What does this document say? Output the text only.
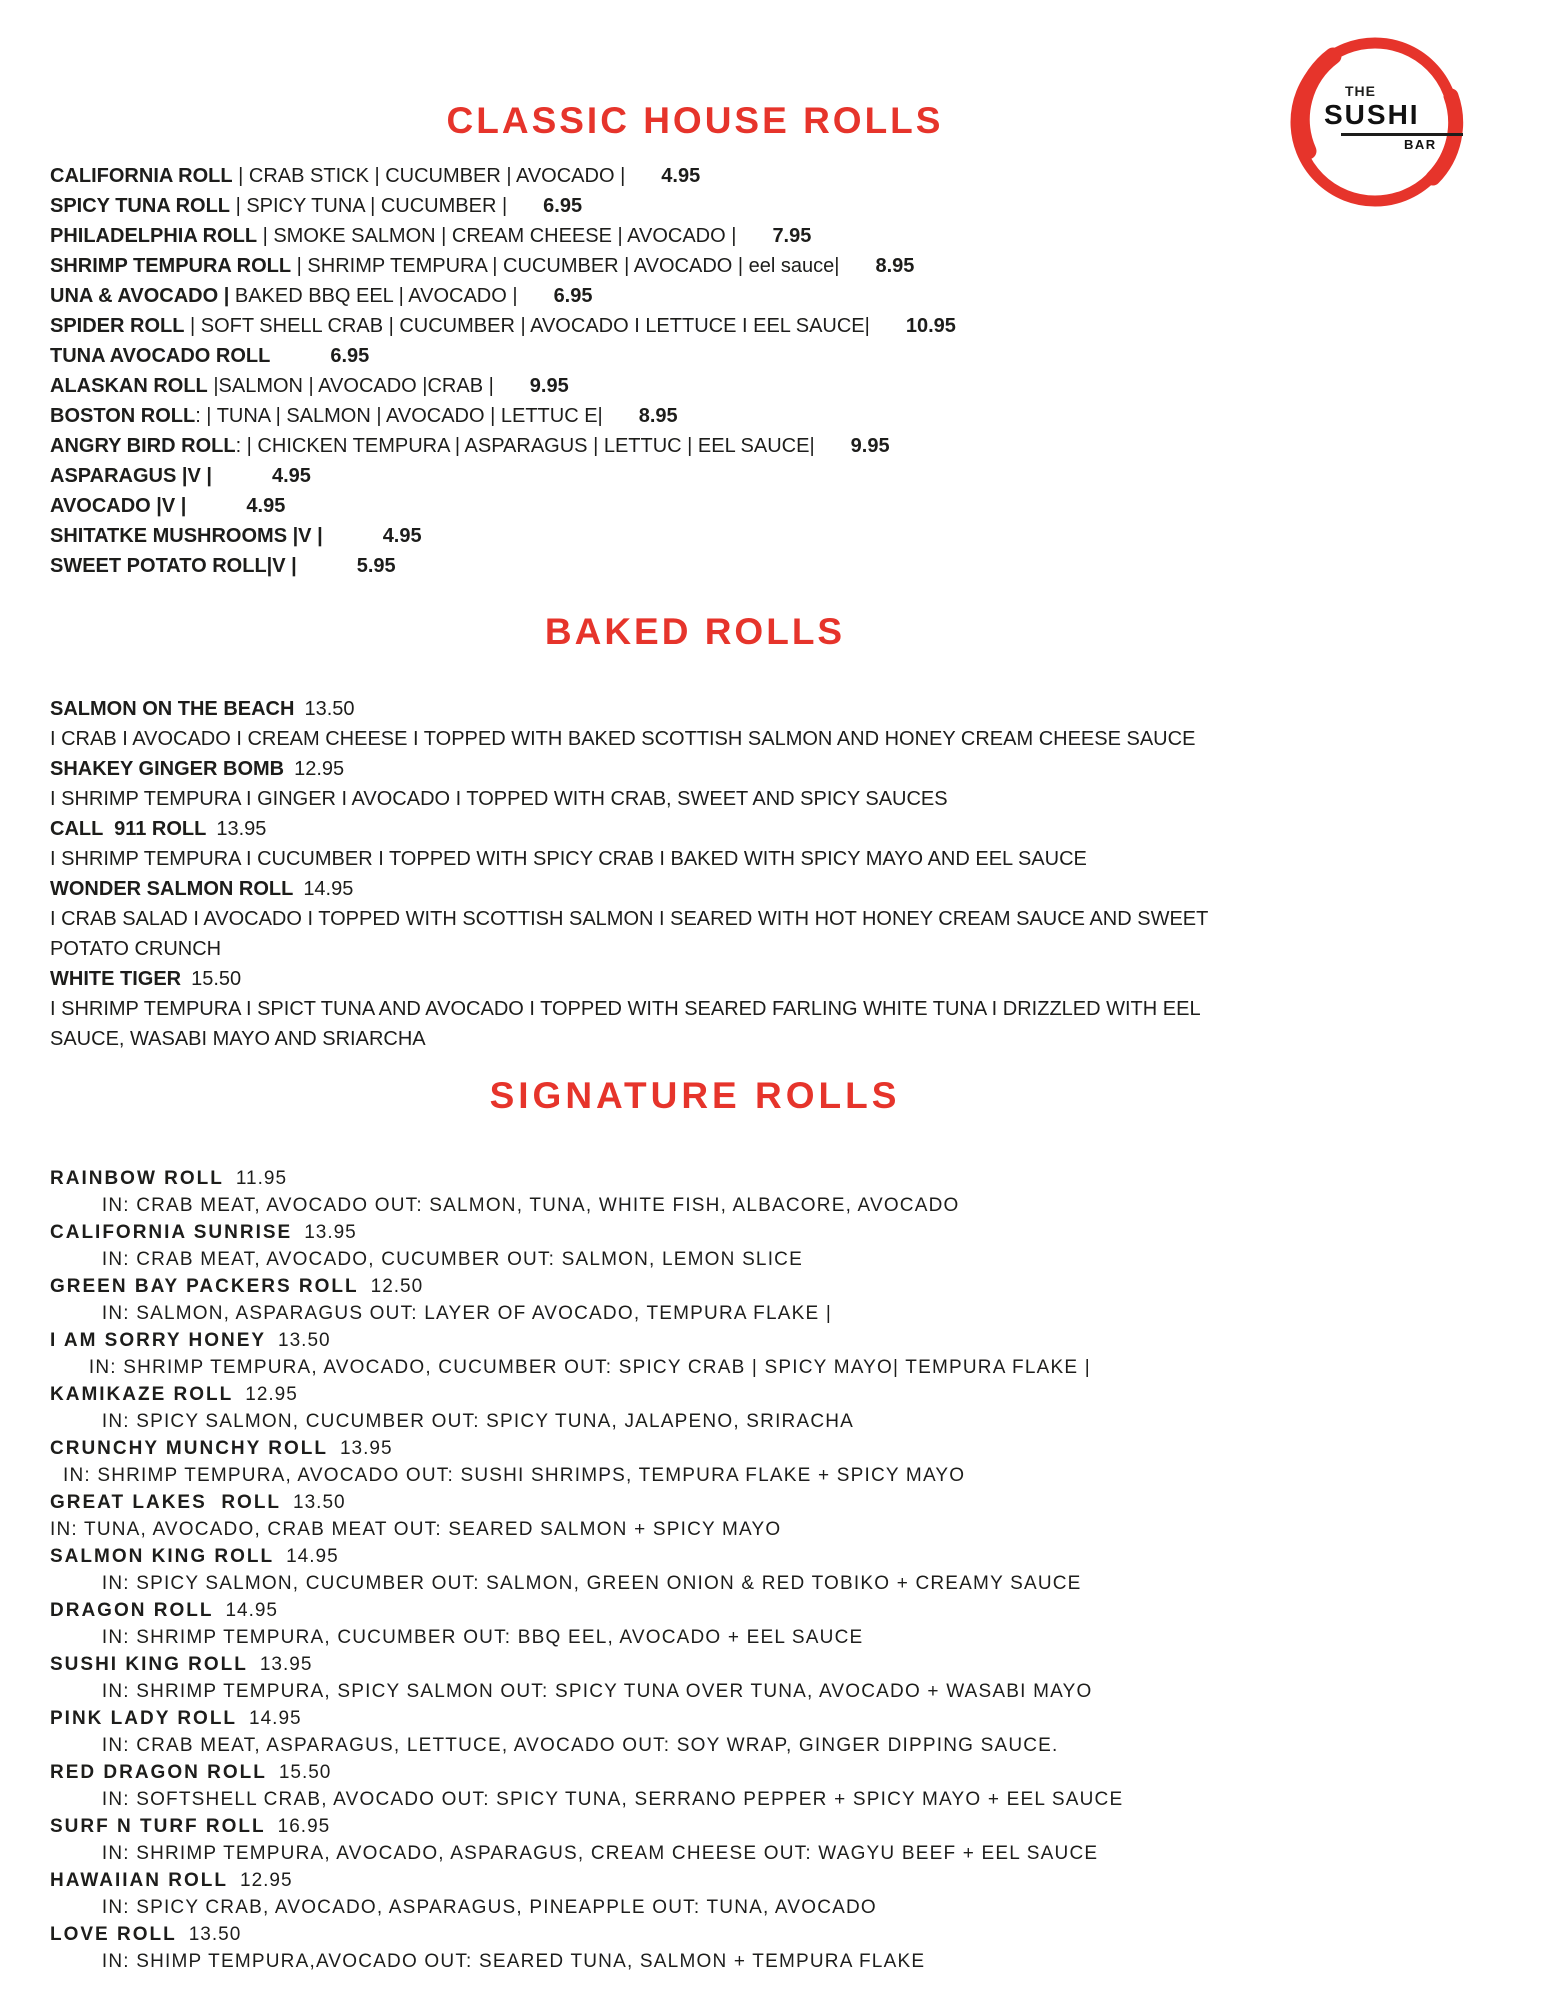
THE
SUSHI
BAR
CLASSIC HOUSE ROLLS
CALIFORNIA ROLL | CRAB STICK | CUCUMBER | AVOCADO | 4.95
SPICY TUNA ROLL | SPICY TUNA | CUCUMBER | 6.95
PHILADELPHIA ROLL | SMOKE SALMON | CREAM CHEESE | AVOCADO | 7.95
SHRIMP TEMPURA ROLL | SHRIMP TEMPURA | CUCUMBER | AVOCADO | eel sauce| 8.95
UNA & AVOCADO | BAKED BBQ EEL | AVOCADO | 6.95
SPIDER ROLL | SOFT SHELL CRAB | CUCUMBER | AVOCADO I LETTUCE I EEL SAUCE| 10.95
TUNA AVOCADO ROLL	6.95
ALASKAN ROLL |SALMON | AVOCADO |CRAB | 9.95
BOSTON ROLL: | TUNA | SALMON | AVOCADO | LETTUC E| 8.95
ANGRY BIRD ROLL: | CHICKEN TEMPURA | ASPARAGUS | LETTUC | EEL SAUCE| 9.95
ASPARAGUS |V |	4.95
AVOCADO |V |	4.95
SHITATKE MUSHROOMS |V |	4.95
SWEET POTATO ROLL|V |	5.95
BAKED ROLLS
SALMON ON THE BEACH 13.50
I CRAB I AVOCADO I CREAM CHEESE I TOPPED WITH BAKED SCOTTISH SALMON AND HONEY CREAM CHEESE SAUCE
SHAKEY GINGER BOMB 12.95
I SHRIMP TEMPURA I GINGER I AVOCADO I TOPPED WITH CRAB, SWEET AND SPICY SAUCES
CALL  911 ROLL 13.95
I SHRIMP TEMPURA I CUCUMBER I TOPPED WITH SPICY CRAB I BAKED WITH SPICY MAYO AND EEL SAUCE
WONDER SALMON ROLL 14.95
I CRAB SALAD I AVOCADO I TOPPED WITH SCOTTISH SALMON I SEARED WITH HOT HONEY CREAM SAUCE AND SWEET POTATO CRUNCH
WHITE TIGER 15.50
I SHRIMP TEMPURA I SPICT TUNA AND AVOCADO I TOPPED WITH SEARED FARLING WHITE TUNA I DRIZZLED WITH EEL SAUCE, WASABI MAYO AND SRIARCHA
SIGNATURE ROLLS
RAINBOW ROLL 11.95
IN: CRAB MEAT, AVOCADO OUT: SALMON, TUNA, WHITE FISH, ALBACORE, AVOCADO
CALIFORNIA SUNRISE 13.95
IN: CRAB MEAT, AVOCADO, CUCUMBER OUT: SALMON, LEMON SLICE
GREEN BAY PACKERS ROLL 12.50
IN: SALMON, ASPARAGUS OUT: LAYER OF AVOCADO, TEMPURA FLAKE |
I AM SORRY HONEY 13.50
IN: SHRIMP TEMPURA, AVOCADO, CUCUMBER OUT: SPICY CRAB | SPICY MAYO| TEMPURA FLAKE |
KAMIKAZE ROLL 12.95
IN: SPICY SALMON, CUCUMBER OUT: SPICY TUNA, JALAPENO, SRIRACHA
CRUNCHY MUNCHY ROLL 13.95
IN: SHRIMP TEMPURA, AVOCADO OUT: SUSHI SHRIMPS, TEMPURA FLAKE + SPICY MAYO
GREAT LAKES  ROLL 13.50
IN: TUNA, AVOCADO, CRAB MEAT OUT: SEARED SALMON + SPICY MAYO
SALMON KING ROLL 14.95
IN: SPICY SALMON, CUCUMBER OUT: SALMON, GREEN ONION & RED TOBIKO + CREAMY SAUCE
DRAGON ROLL 14.95
IN: SHRIMP TEMPURA, CUCUMBER OUT: BBQ EEL, AVOCADO + EEL SAUCE
SUSHI KING ROLL 13.95
IN: SHRIMP TEMPURA, SPICY SALMON OUT: SPICY TUNA OVER TUNA, AVOCADO + WASABI MAYO
PINK LADY ROLL 14.95
IN: CRAB MEAT, ASPARAGUS, LETTUCE, AVOCADO OUT: SOY WRAP, GINGER DIPPING SAUCE.
RED DRAGON ROLL 15.50
IN: SOFTSHELL CRAB, AVOCADO OUT: SPICY TUNA, SERRANO PEPPER + SPICY MAYO + EEL SAUCE
SURF N TURF ROLL 16.95
IN: SHRIMP TEMPURA, AVOCADO, ASPARAGUS, CREAM CHEESE OUT: WAGYU BEEF + EEL SAUCE
HAWAIIAN ROLL 12.95
IN: SPICY CRAB, AVOCADO, ASPARAGUS, PINEAPPLE OUT: TUNA, AVOCADO
LOVE ROLL 13.50
IN: SHIMP TEMPURA,AVOCADO OUT: SEARED TUNA, SALMON + TEMPURA FLAKE
